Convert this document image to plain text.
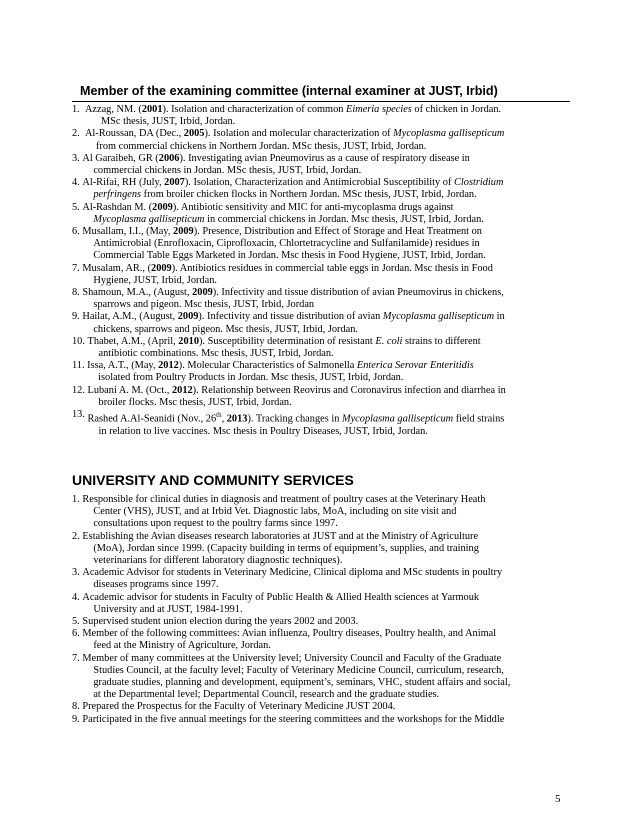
Member of the examining committee (internal examiner at JUST, Irbid)
1. Azzag, NM. (2001). Isolation and characterization of common Eimeria species of chicken in Jordan.
MSc thesis, JUST, Irbid, Jordan.
2. Al-Roussan, DA (Dec., 2005). Isolation and molecular characterization of Mycoplasma gallisepticum
from commercial chickens in Northern Jordan. MSc thesis, JUST, Irbid, Jordan.
3. Al Garaibeh, GR (2006). Investigating avian Pneumovirus as a cause of respiratory disease in
commercial chickens in Jordan. MSc thesis, JUST, Irbid, Jordan.
4. Al-Rifai, RH (July, 2007). Isolation, Characterization and Antimicrobial Susceptibility of Clostridium
perfringens from broiler chicken flocks in Northern Jordan. MSc thesis, JUST, Irbid, Jordan.
5. Al-Rashdan M. (2009). Antibiotic sensitivity and MIC for anti-mycoplasma drugs against
Mycoplasma gallisepticum in commercial chickens in Jordan. Msc thesis, JUST, Irbid, Jordan.
6. Musallam, I.I., (May, 2009). Presence, Distribution and Effect of Storage and Heat Treatment on
Antimicrobial (Enrofloxacin, Ciprofloxacin, Chlortetracycline and Sulfanilamide) residues in
Commercial Table Eggs Marketed in Jordan. Msc thesis in Food Hygiene, JUST, Irbid, Jordan.
7. Musalam, AR., (2009). Antibiotics residues in commercial table eggs in Jordan. Msc thesis in Food
Hygiene, JUST, Irbid, Jordan.
8. Shamoun, M.A., (August, 2009). Infectivity and tissue distribution of avian Pneumovirus in chickens,
sparrows and pigeon. Msc thesis, JUST, Irbid, Jordan
9. Hailat, A.M., (August, 2009). Infectivity and tissue distribution of avian Mycoplasma gallisepticum in
chickens, sparrows and pigeon. Msc thesis, JUST, Irbid, Jordan.
10. Thabet, A.M., (April, 2010). Susceptibility determination of resistant E. coli strains to different
antibiotic combinations. Msc thesis, JUST, Irbid, Jordan.
11. Issa, A.T., (May, 2012). Molecular Characteristics of Salmonella Enterica Serovar Enteritidis
isolated from Poultry Products in Jordan. Msc thesis, JUST, Irbid, Jordan.
12. Lubani A. M. (Oct., 2012). Relationship between Reovirus and Coronavirus infection and diarrhea in
broiler flocks. Msc thesis, JUST, Irbid, Jordan.
13. Rashed A.Al-Seanidi (Nov., 26th, 2013). Tracking changes in Mycoplasma gallisepticum field strains
in relation to live vaccines. Msc thesis in Poultry Diseases, JUST, Irbid, Jordan.
UNIVERSITY AND COMMUNITY SERVICES
1. Responsible for clinical duties in diagnosis and treatment of poultry cases at the Veterinary Heath
Center (VHS), JUST, and at Irbid Vet. Diagnostic labs, MoA, including on site visit and
consultations upon request to the poultry farms since 1997.
2. Establishing the Avian diseases research laboratories at JUST and at the Ministry of Agriculture
(MoA), Jordan since 1999. (Capacity building in terms of equipment’s, supplies, and training
veterinarians for different laboratory diagnostic techniques).
3. Academic Advisor for students in Veterinary Medicine, Clinical diploma and MSc students in poultry
diseases programs since 1997.
4. Academic advisor for students in Faculty of Public Health & Allied Health sciences at Yarmouk
University and at JUST, 1984-1991.
5. Supervised student union election during the years 2002 and 2003.
6. Member of the following committees: Avian influenza, Poultry diseases, Poultry health, and Animal
feed at the Ministry of Agriculture, Jordan.
7. Member of many committees at the University level; University Council and Faculty of the Graduate
Studies Council, at the faculty level; Faculty of Veterinary Medicine Council, curriculum, research,
graduate studies, planning and development, equipment’s, seminars, VHC, student affairs and social,
at the Departmental level; Departmental Council, research and the graduate studies.
8. Prepared the Prospectus for the Faculty of Veterinary Medicine JUST 2004.
9. Participated in the five annual meetings for the steering committees and the workshops for the Middle
5
